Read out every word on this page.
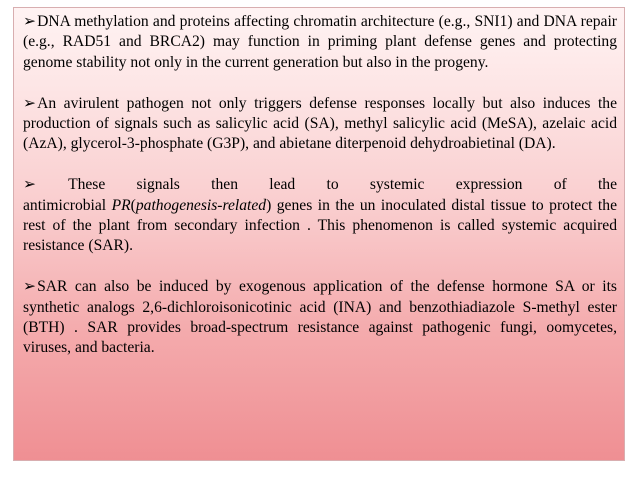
➢DNA methylation and proteins affecting chromatin architecture (e.g., SNI1) and DNA repair (e.g., RAD51 and BRCA2) may function in priming plant defense genes and protecting genome stability not only in the current generation but also in the progeny.

➢An avirulent pathogen not only triggers defense responses locally but also induces the production of signals such as salicylic acid (SA), methyl salicylic acid (MeSA), azelaic acid (AzA), glycerol-3-phosphate (G3P), and abietane diterpenoid dehydroabietinal (DA).

➢ These signals then lead to systemic expression of the
antimicrobial PR(pathogenesis-related) genes in the un inoculated distal tissue to protect the rest of the plant from secondary infection . This phenomenon is called systemic acquired resistance (SAR).

➢SAR can also be induced by exogenous application of the defense hormone SA or its synthetic analogs 2,6-dichloroisonicotinic acid (INA) and benzothiadiazole S-methyl ester (BTH) . SAR provides broad-spectrum resistance against pathogenic fungi, oomycetes, viruses, and bacteria.
